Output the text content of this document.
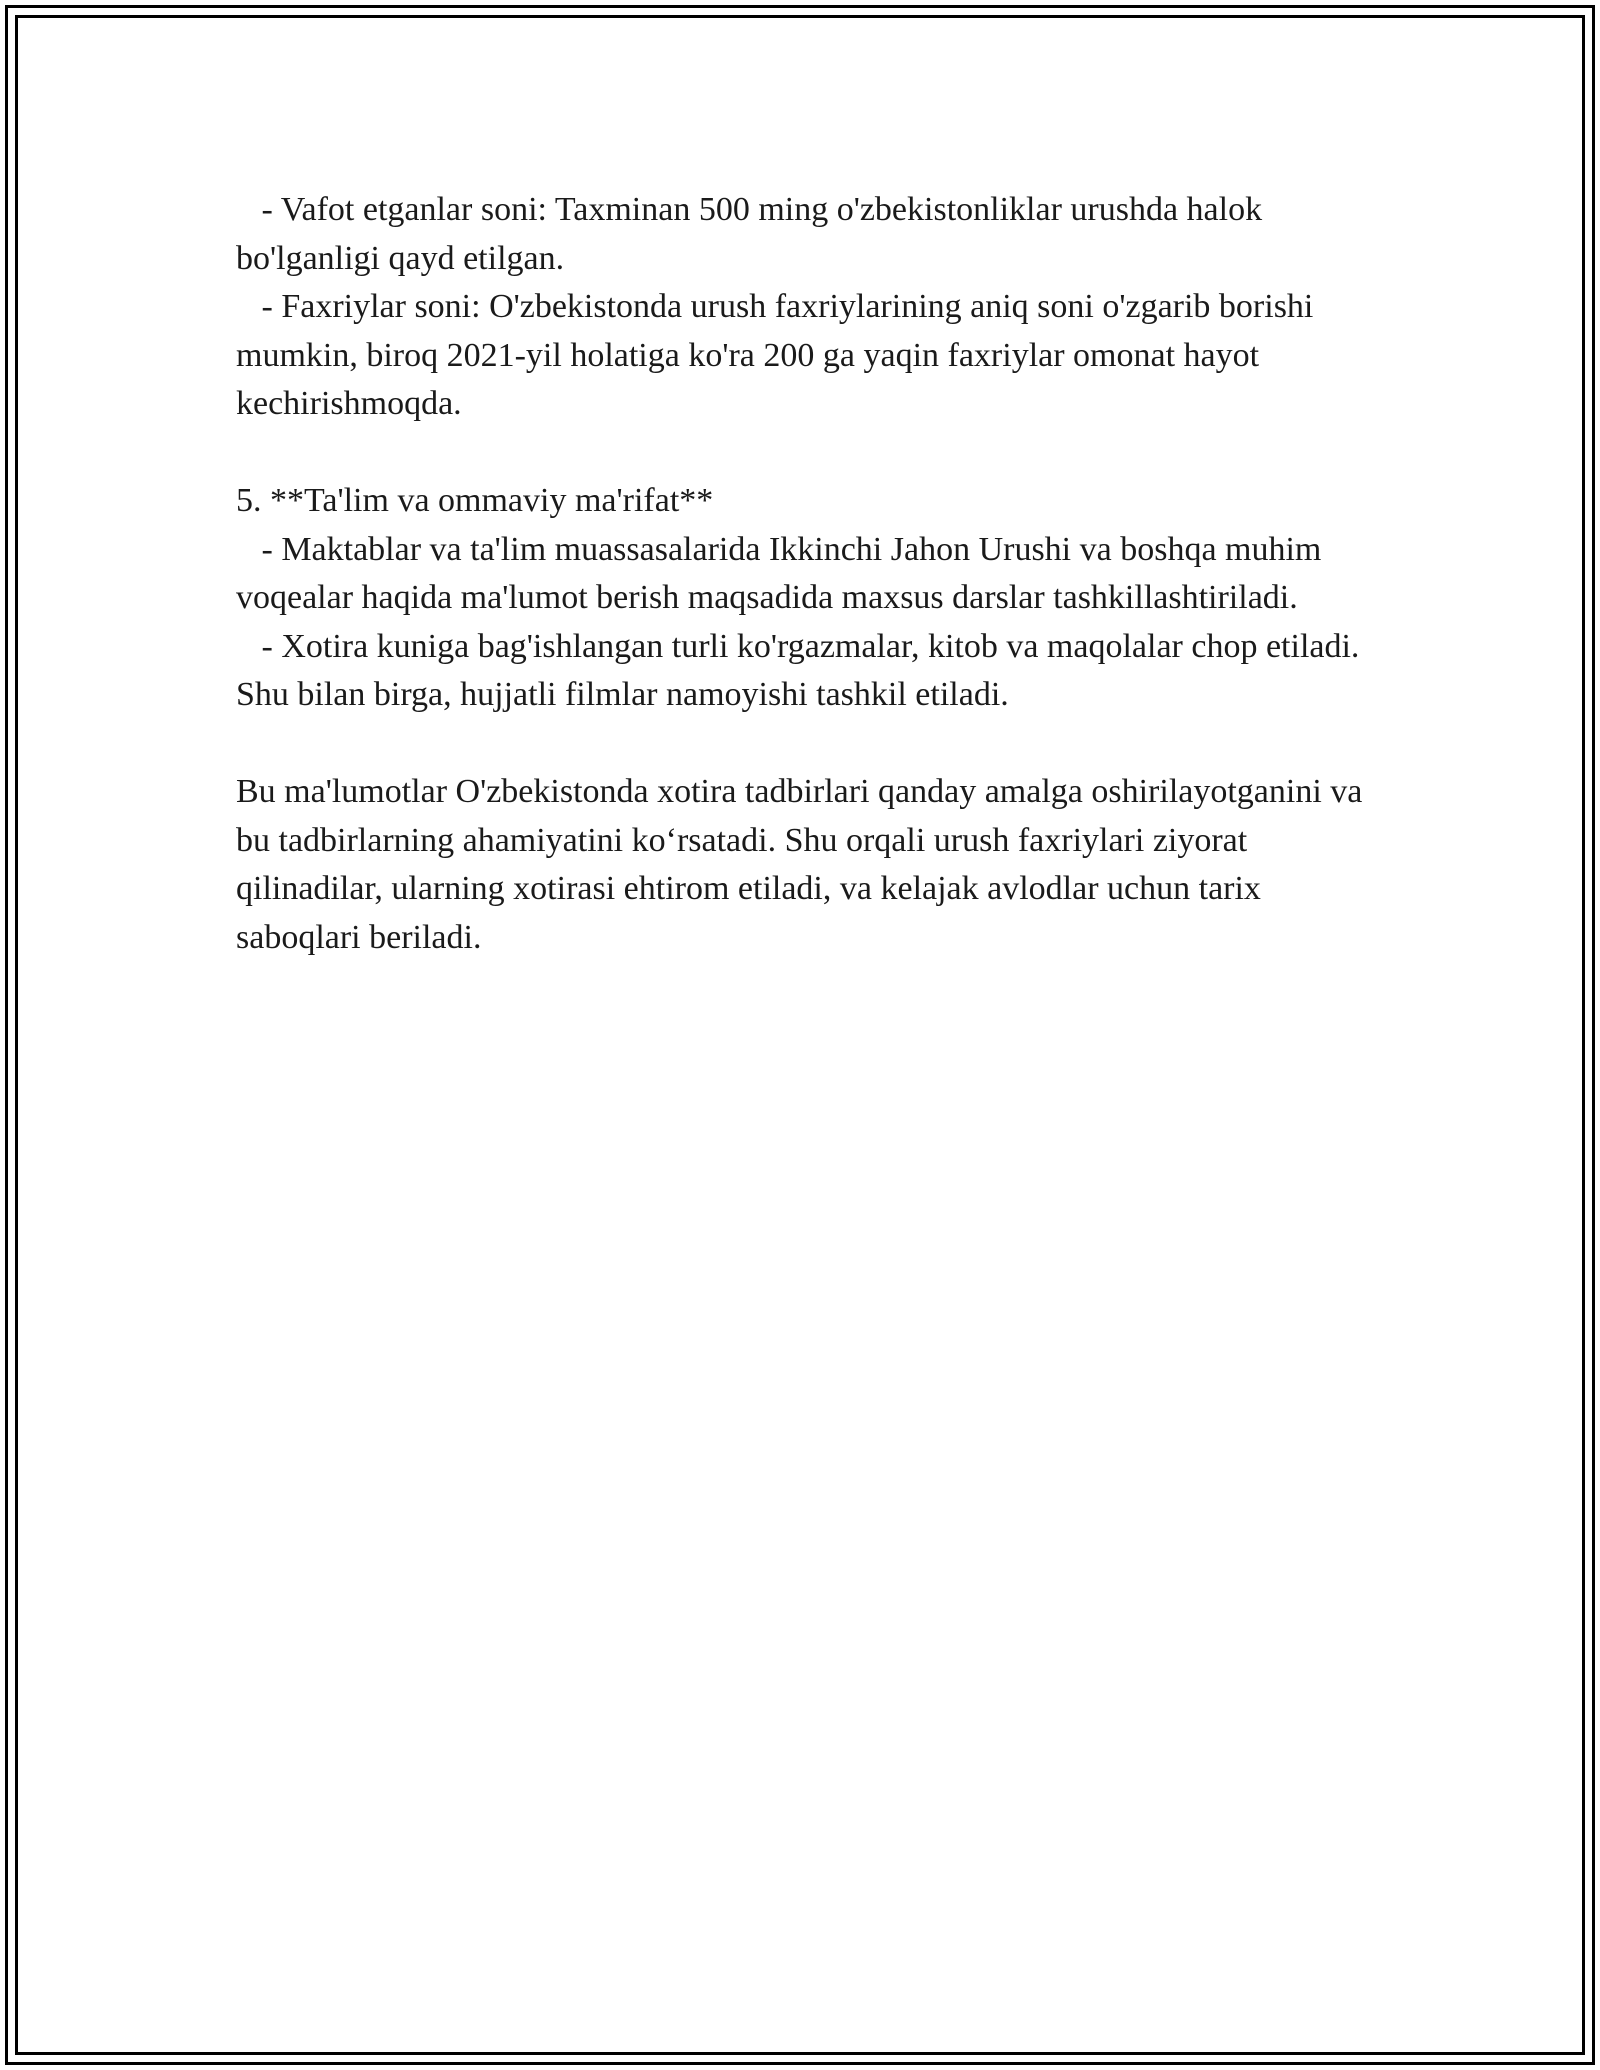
- Vafot etganlar soni: Taxminan 500 ming o'zbekistonliklar urushda halok bo'lganligi qayd etilgan.

- Faxriylar soni: O'zbekistonda urush faxriylarining aniq soni o'zgarib borishi mumkin, biroq 2021-yil holatiga ko'ra 200 ga yaqin faxriylar omonat hayot kechirishmoqda.

5. **Ta'lim va ommaviy ma'rifat**

- Maktablar va ta'lim muassasalarida Ikkinchi Jahon Urushi va boshqa muhim voqealar haqida ma'lumot berish maqsadida maxsus darslar tashkillashtiriladi.

- Xotira kuniga bag'ishlangan turli ko'rgazmalar, kitob va maqolalar chop etiladi. Shu bilan birga, hujjatli filmlar namoyishi tashkil etiladi.

Bu ma'lumotlar O'zbekistonda xotira tadbirlari qanday amalga oshirilayotganini va bu tadbirlarning ahamiyatini ko‘rsatadi. Shu orqali urush faxriylari ziyorat qilinadilar, ularning xotirasi ehtirom etiladi, va kelajak avlodlar uchun tarix saboqlari beriladi.
